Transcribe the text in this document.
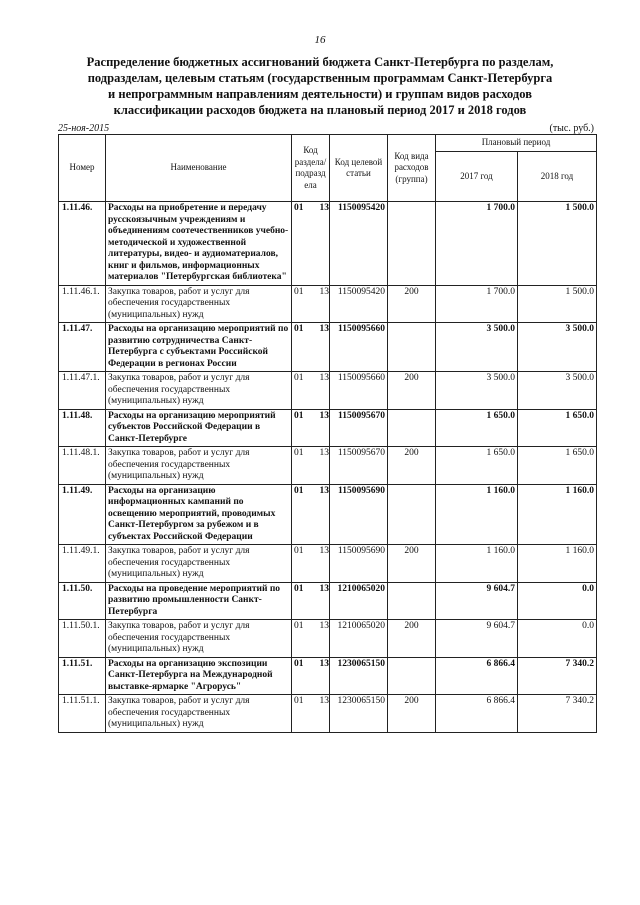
16
Распределение бюджетных ассигнований бюджета Санкт-Петербурга по разделам,
подразделам, целевым статьям (государственным программам Санкт-Петербурга
и непрограммным направлениям деятельности) и группам видов расходов
классификации расходов бюджета на плановый период 2017 и 2018 годов
25-ноя-2015	(тыс. руб.)
Номер	Наименование	Код раздела/ подразд ела	Код целевой статьи	Код вида расходов (группа)	Плановый период	
					2017 год	2018 год
1.11.46.	Расходы на приобретение и передачу русскоязычным учреждениям и объединениям соотечественников учебно-методической и художественной литературы, видео- и аудиоматериалов, книг и фильмов, информационных материалов "Петербургская библиотека"	01 13	1150095420		1 700.0	1 500.0
1.11.46.1.	Закупка товаров, работ и услуг для обеспечения государственных (муниципальных) нужд	01 13	1150095420	200	1 700.0	1 500.0
1.11.47.	Расходы на организацию мероприятий по развитию сотрудничества Санкт-Петербурга с субъектами Российской Федерации в регионах России	01 13	1150095660		3 500.0	3 500.0
1.11.47.1.	Закупка товаров, работ и услуг для обеспечения государственных (муниципальных) нужд	01 13	1150095660	200	3 500.0	3 500.0
1.11.48.	Расходы на организацию мероприятий субъектов Российской Федерации в Санкт-Петербурге	01 13	1150095670		1 650.0	1 650.0
1.11.48.1.	Закупка товаров, работ и услуг для обеспечения государственных (муниципальных) нужд	01 13	1150095670	200	1 650.0	1 650.0
1.11.49.	Расходы на организацию информационных кампаний по освещению мероприятий, проводимых Санкт-Петербургом за рубежом и в субъектах Российской Федерации	01 13	1150095690		1 160.0	1 160.0
1.11.49.1.	Закупка товаров, работ и услуг для обеспечения государственных (муниципальных) нужд	01 13	1150095690	200	1 160.0	1 160.0
1.11.50.	Расходы на проведение мероприятий по развитию промышленности Санкт-Петербурга	01 13	1210065020		9 604.7	0.0
1.11.50.1.	Закупка товаров, работ и услуг для обеспечения государственных (муниципальных) нужд	01 13	1210065020	200	9 604.7	0.0
1.11.51.	Расходы на организацию экспозиции Санкт-Петербурга на Международной выставке-ярмарке "Агрорусь"	01 13	1230065150		6 866.4	7 340.2
1.11.51.1.	Закупка товаров, работ и услуг для обеспечения государственных (муниципальных) нужд	01 13	1230065150	200	6 866.4	7 340.2
